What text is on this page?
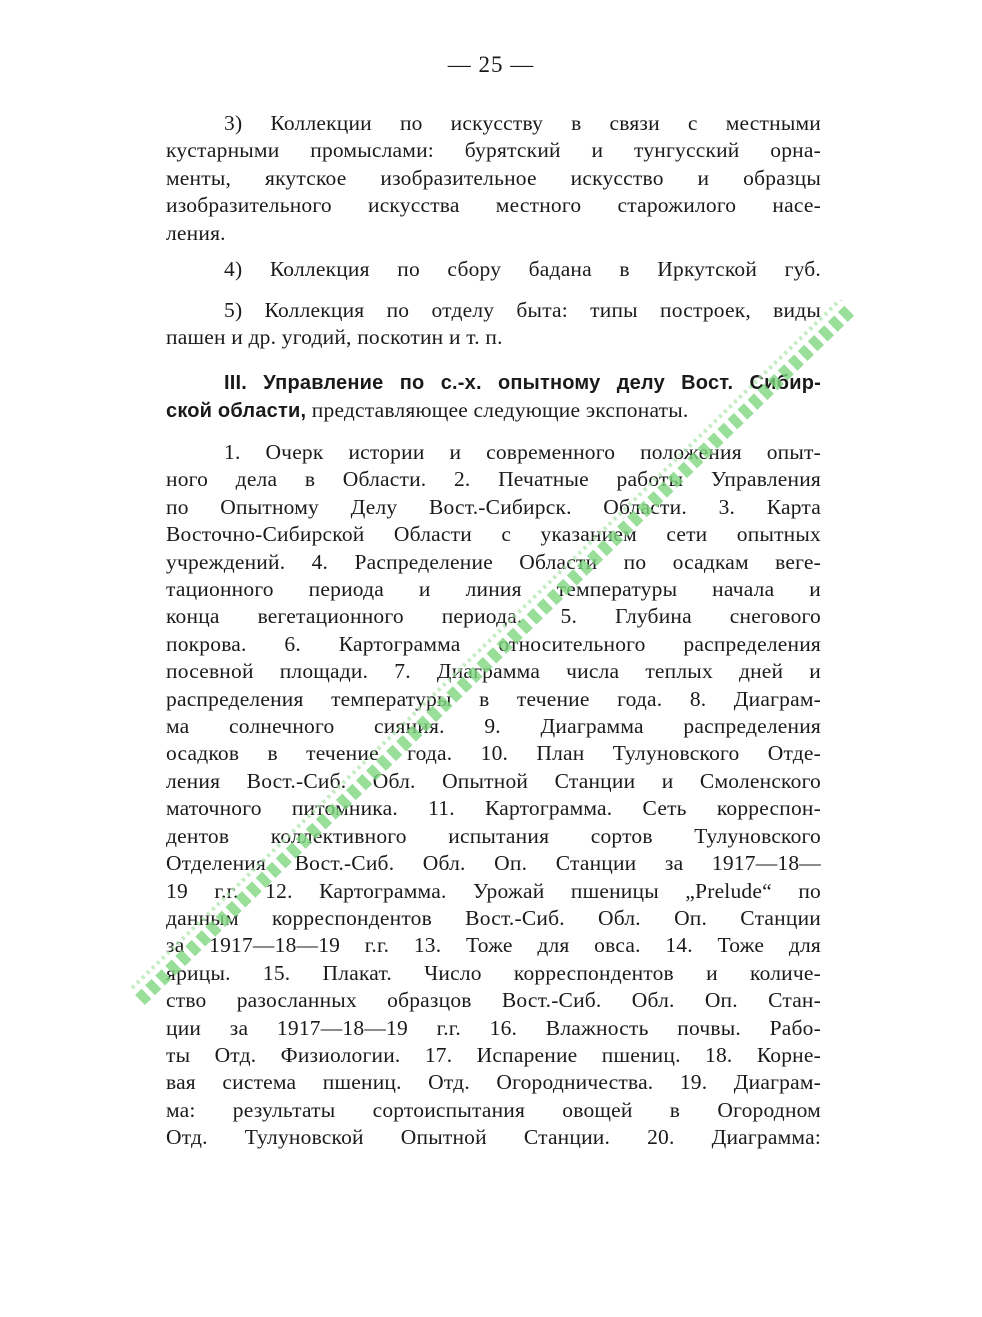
— 25 —
3) Коллекции по искусству в связи с местными
кустарными промыслами: бурятский и тунгусский орна-
менты, якутское изобразительное искусство и образцы
изобразительного искусства местного старожилого насе-
ления.
4) Коллекция по сбору бадана в Иркутской губ.
5) Коллекция по отделу быта: типы построек, виды
пашен и др. угодий, поскотин и т. п.
III. Управление по с.-х. опытному делу Вост. Сибир-
ской области, представляющее следующие экспонаты.
1. Очерк истории и современного положения опыт-
ного дела в Области. 2. Печатные работы Управления
по Опытному Делу Вост.-Сибирск. Области. 3. Карта
Восточно-Сибирской Области с указанием сети опытных
учреждений. 4. Распределение Области по осадкам веге-
тационного периода и линия температуры начала и
конца вегетационного периода. 5. Глубина снегового
покрова. 6. Картограмма относительного распределения
посевной площади. 7. Диаграмма числа теплых дней и
распределения температуры в течение года. 8. Диаграм-
ма солнечного сияния. 9. Диаграмма распределения
осадков в течение года. 10. План Тулуновского Отде-
ления Вост.-Сиб. Обл. Опытной Станции и Смоленского
маточного питомника. 11. Картограмма. Сеть корреспон-
дентов коллективного испытания сортов Тулуновского
Отделения Вост.-Сиб. Обл. Оп. Станции за 1917—18—
19 г.г. 12. Картограмма. Урожай пшеницы „Prelude“ по
данным корреспондентов Вост.-Сиб. Обл. Оп. Станции
за 1917—18—19 г.г. 13. Тоже для овса. 14. Тоже для
ярицы. 15. Плакат. Число корреспондентов и количе-
ство разосланных образцов Вост.-Сиб. Обл. Оп. Стан-
ции за 1917—18—19 г.г. 16. Влажность почвы. Рабо-
ты Отд. Физиологии. 17. Испарение пшениц. 18. Корне-
вая система пшениц. Отд. Огородничества. 19. Диаграм-
ма: результаты сортоиспытания овощей в Огородном
Отд. Тулуновской Опытной Станции. 20. Диаграмма:
